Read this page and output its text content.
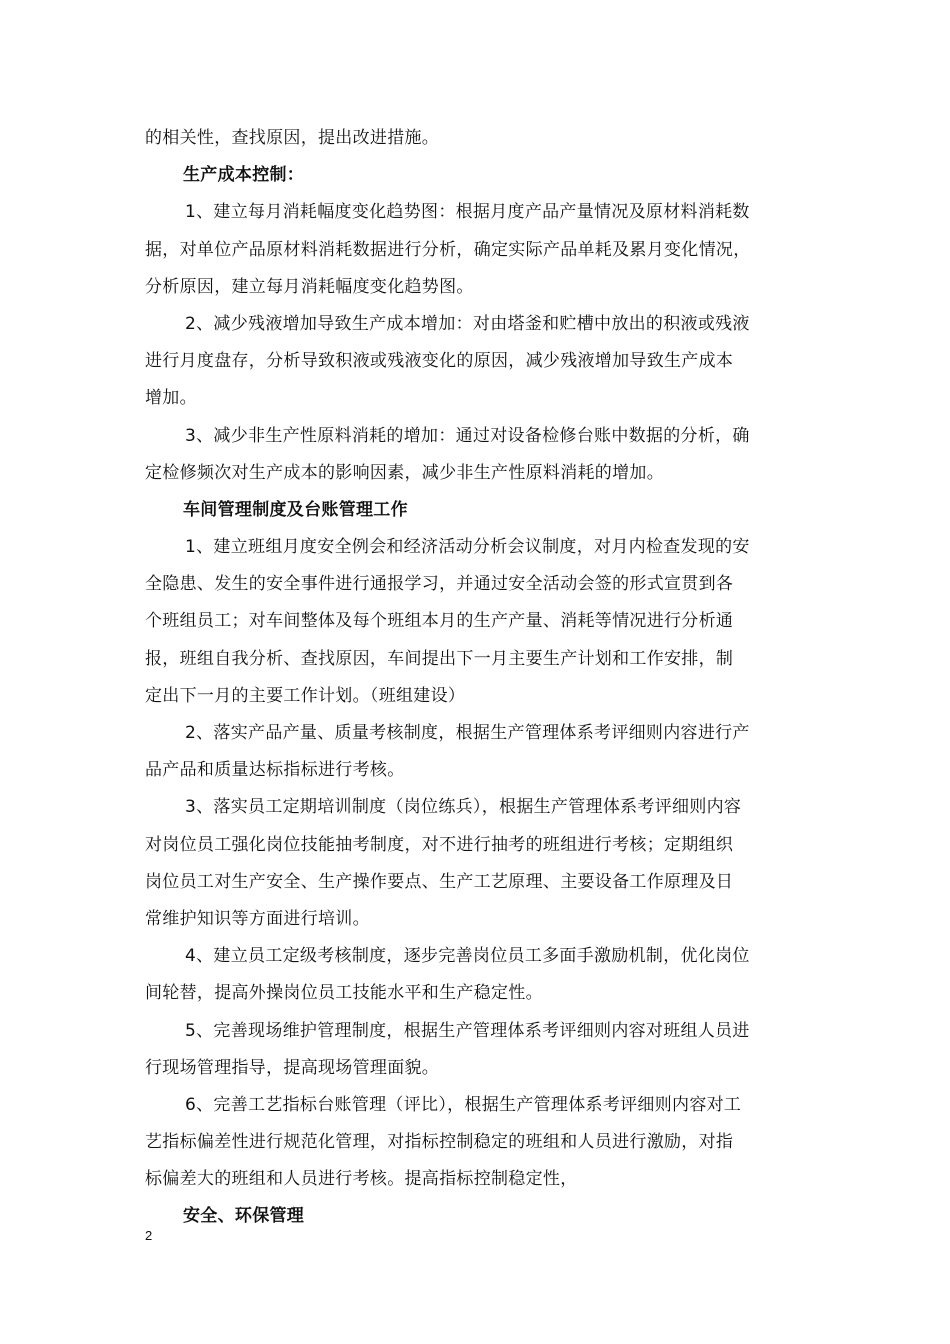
的相关性，查找原因，提出改进措施。
生产成本控制：
1、建立每月消耗幅度变化趋势图：根据月度产品产量情况及原材料消耗数
据，对单位产品原材料消耗数据进行分析，确定实际产品单耗及累月变化情况，
分析原因，建立每月消耗幅度变化趋势图。
2、减少残液增加导致生产成本增加：对由塔釜和贮槽中放出的积液或残液
进行月度盘存，分析导致积液或残液变化的原因，减少残液增加导致生产成本
增加。
3、减少非生产性原料消耗的增加：通过对设备检修台账中数据的分析，确
定检修频次对生产成本的影响因素，减少非生产性原料消耗的增加。
车间管理制度及台账管理工作
1、建立班组月度安全例会和经济活动分析会议制度，对月内检查发现的安
全隐患、发生的安全事件进行通报学习，并通过安全活动会签的形式宣贯到各
个班组员工；对车间整体及每个班组本月的生产产量、消耗等情况进行分析通
报，班组自我分析、查找原因，车间提出下一月主要生产计划和工作安排，制
定出下一月的主要工作计划。（班组建设）
2、落实产品产量、质量考核制度，根据生产管理体系考评细则内容进行产
品产品和质量达标指标进行考核。
3、落实员工定期培训制度（岗位练兵），根据生产管理体系考评细则内容
对岗位员工强化岗位技能抽考制度，对不进行抽考的班组进行考核；定期组织
岗位员工对生产安全、生产操作要点、生产工艺原理、主要设备工作原理及日
常维护知识等方面进行培训。
4、建立员工定级考核制度，逐步完善岗位员工多面手激励机制，优化岗位
间轮替，提高外操岗位员工技能水平和生产稳定性。
5、完善现场维护管理制度，根据生产管理体系考评细则内容对班组人员进
行现场管理指导，提高现场管理面貌。
6、完善工艺指标台账管理（评比），根据生产管理体系考评细则内容对工
艺指标偏差性进行规范化管理，对指标控制稳定的班组和人员进行激励，对指
标偏差大的班组和人员进行考核。提高指标控制稳定性，
安全、环保管理
2
